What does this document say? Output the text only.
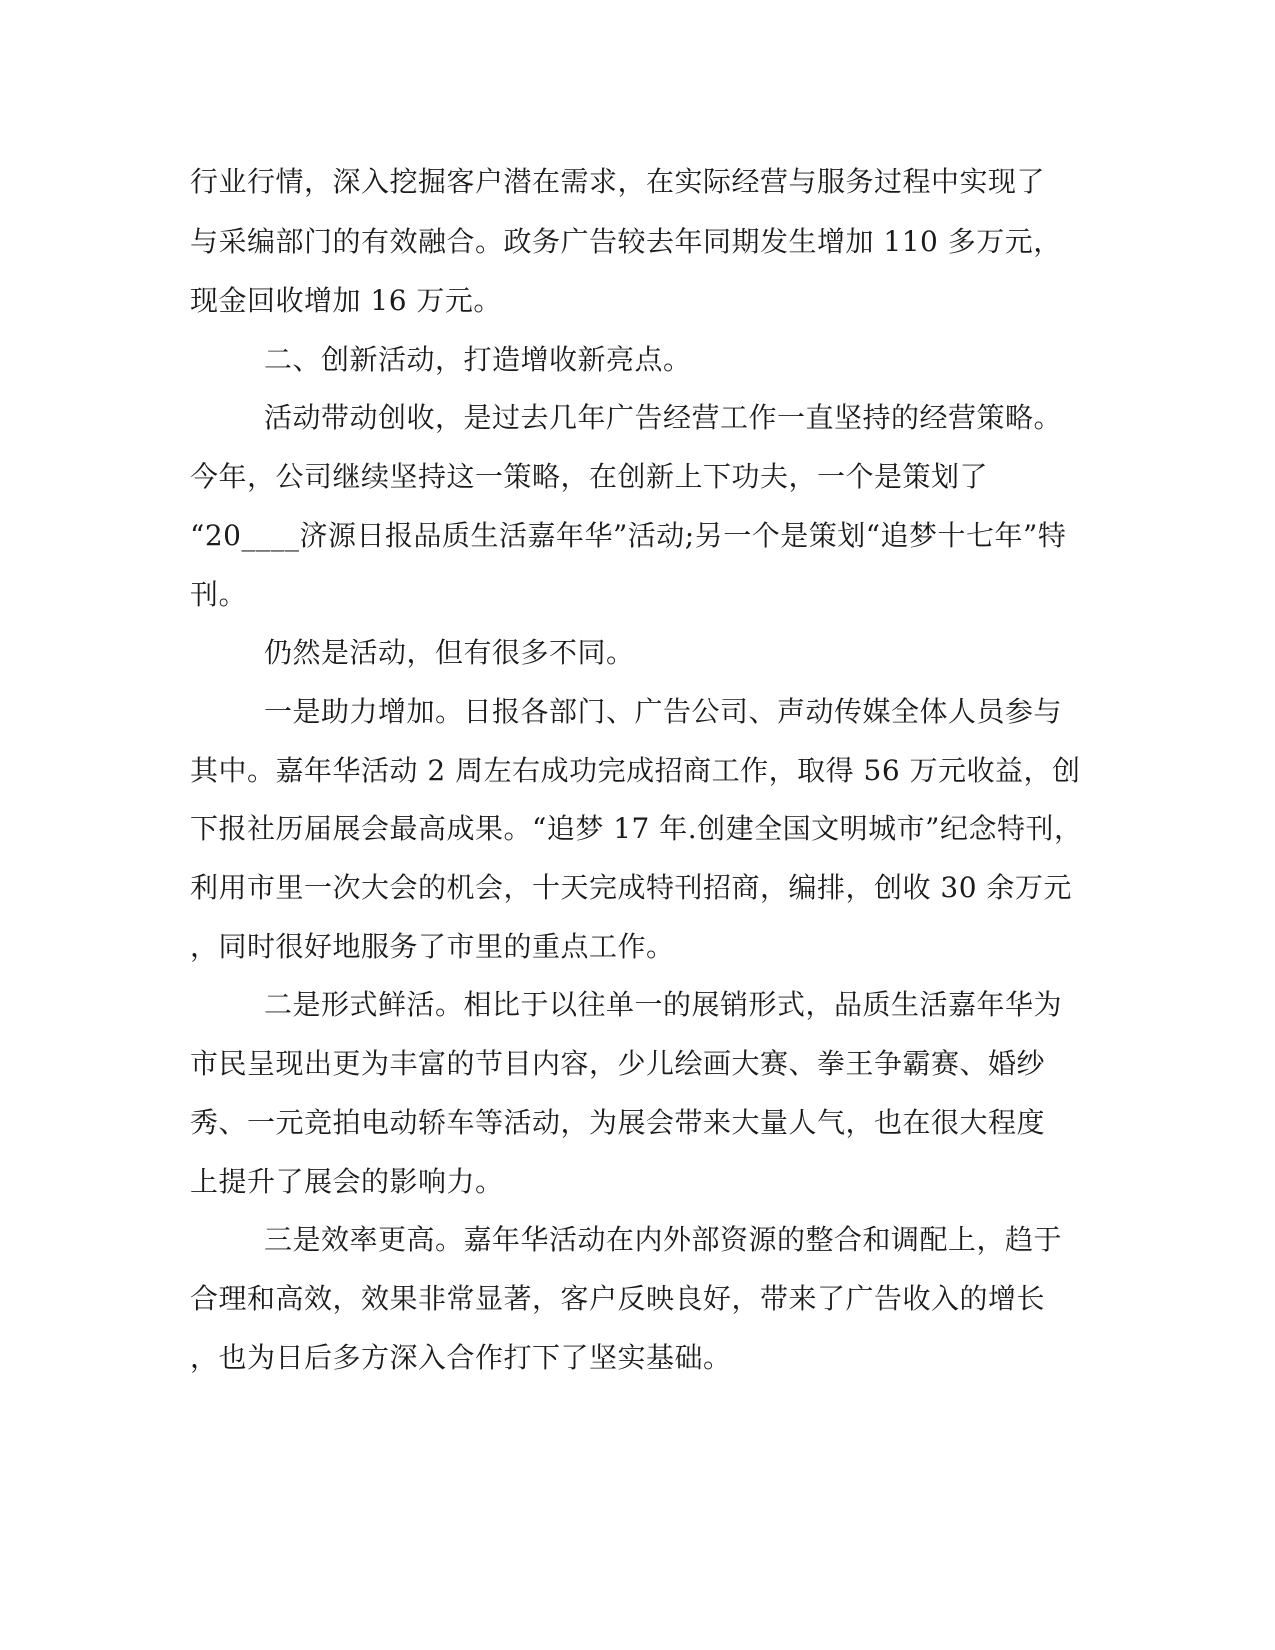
行业行情，深入挖掘客户潜在需求，在实际经营与服务过程中实现了
与采编部门的有效融合。政务广告较去年同期发生增加 110 多万元，
现金回收增加 16 万元。
二、创新活动，打造增收新亮点。
活动带动创收，是过去几年广告经营工作一直坚持的经营策略。
今年，公司继续坚持这一策略，在创新上下功夫，一个是策划了
“20____济源日报品质生活嘉年华”活动;另一个是策划“追梦十七年”特
刊。
仍然是活动，但有很多不同。
一是助力增加。日报各部门、广告公司、声动传媒全体人员参与
其中。嘉年华活动 2 周左右成功完成招商工作，取得 56 万元收益，创
下报社历届展会最高成果。“追梦 17 年.创建全国文明城市”纪念特刊，
利用市里一次大会的机会，十天完成特刊招商，编排，创收 30 余万元
，同时很好地服务了市里的重点工作。
二是形式鲜活。相比于以往单一的展销形式，品质生活嘉年华为
市民呈现出更为丰富的节目内容，少儿绘画大赛、拳王争霸赛、婚纱
秀、一元竞拍电动轿车等活动，为展会带来大量人气，也在很大程度
上提升了展会的影响力。
三是效率更高。嘉年华活动在内外部资源的整合和调配上，趋于
合理和高效，效果非常显著，客户反映良好，带来了广告收入的增长
，也为日后多方深入合作打下了坚实基础。
